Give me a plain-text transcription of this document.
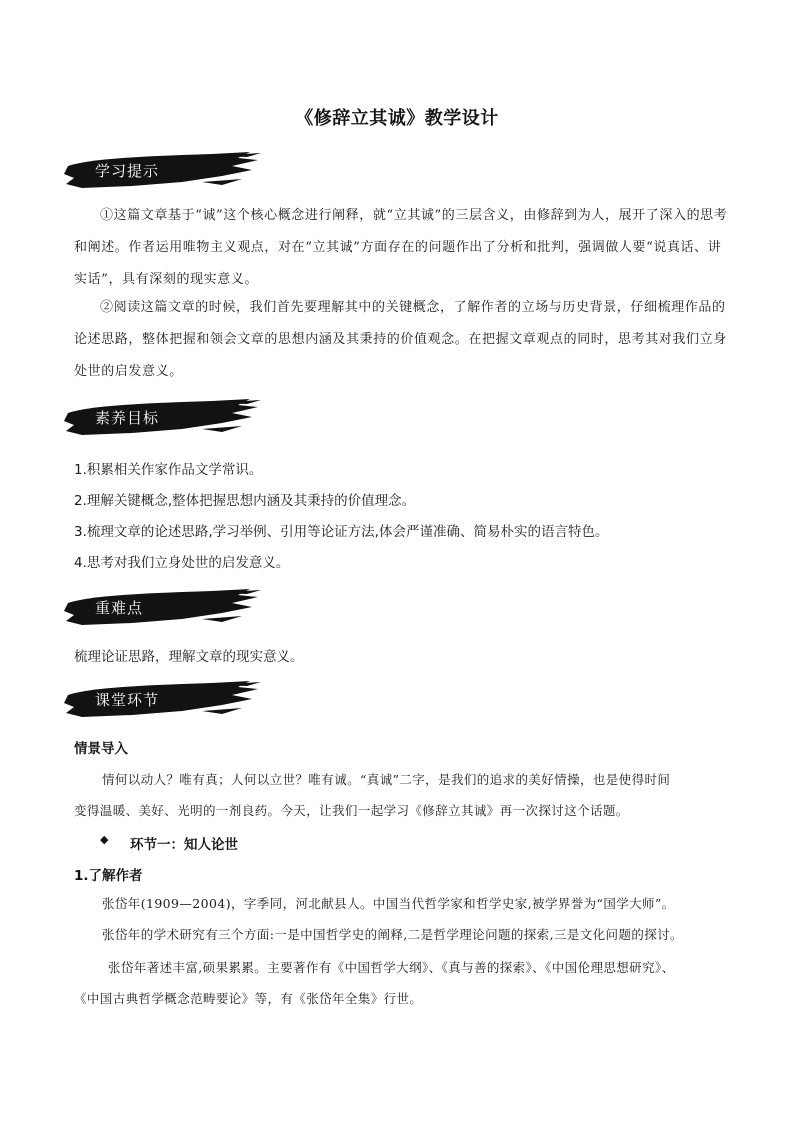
《修辞立其诚》教学设计
学习提示
①这篇文章基于“诚”这个核心概念进行阐释，就“立其诚”的三层含义，由修辞到为人，展开了深入的思考和阐述。作者运用唯物主义观点，对在“立其诚”方面存在的问题作出了分析和批判，强调做人要“说真话、讲实话”，具有深刻的现实意义。
②阅读这篇文章的时候，我们首先要理解其中的关键概念，了解作者的立场与历史背景，仔细梳理作品的论述思路，整体把握和领会文章的思想内涵及其秉持的价值观念。在把握文章观点的同时，思考其对我们立身处世的启发意义。
素养目标
1.积累相关作家作品文学常识。
2.理解关键概念,整体把握思想内涵及其秉持的价值理念。
3.梳理文章的论述思路,学习举例、引用等论证方法,体会严谨准确、简易朴实的语言特色。
4.思考对我们立身处世的启发意义。
重难点
梳理论证思路，理解文章的现实意义。
课堂环节
情景导入
情何以动人？唯有真；人何以立世？唯有诚。“真诚”二字，是我们的追求的美好情操，也是使得时间
变得温暖、美好、光明的一剂良药。今天，让我们一起学习《修辞立其诚》再一次探讨这个话题。
◆ 环节一：知人论世
1.了解作者
张岱年(1909—2004)，字季同，河北献县人。中国当代哲学家和哲学史家,被学界誉为“国学大师”。
张岱年的学术研究有三个方面:一是中国哲学史的阐释,二是哲学理论问题的探索,三是文化问题的探讨。
张岱年著述丰富,硕果累累。主要著作有《中国哲学大纲》、《真与善的探索》、《中国伦理思想研究》、
《中国古典哲学概念范畴要论》等，有《张岱年全集》行世。
